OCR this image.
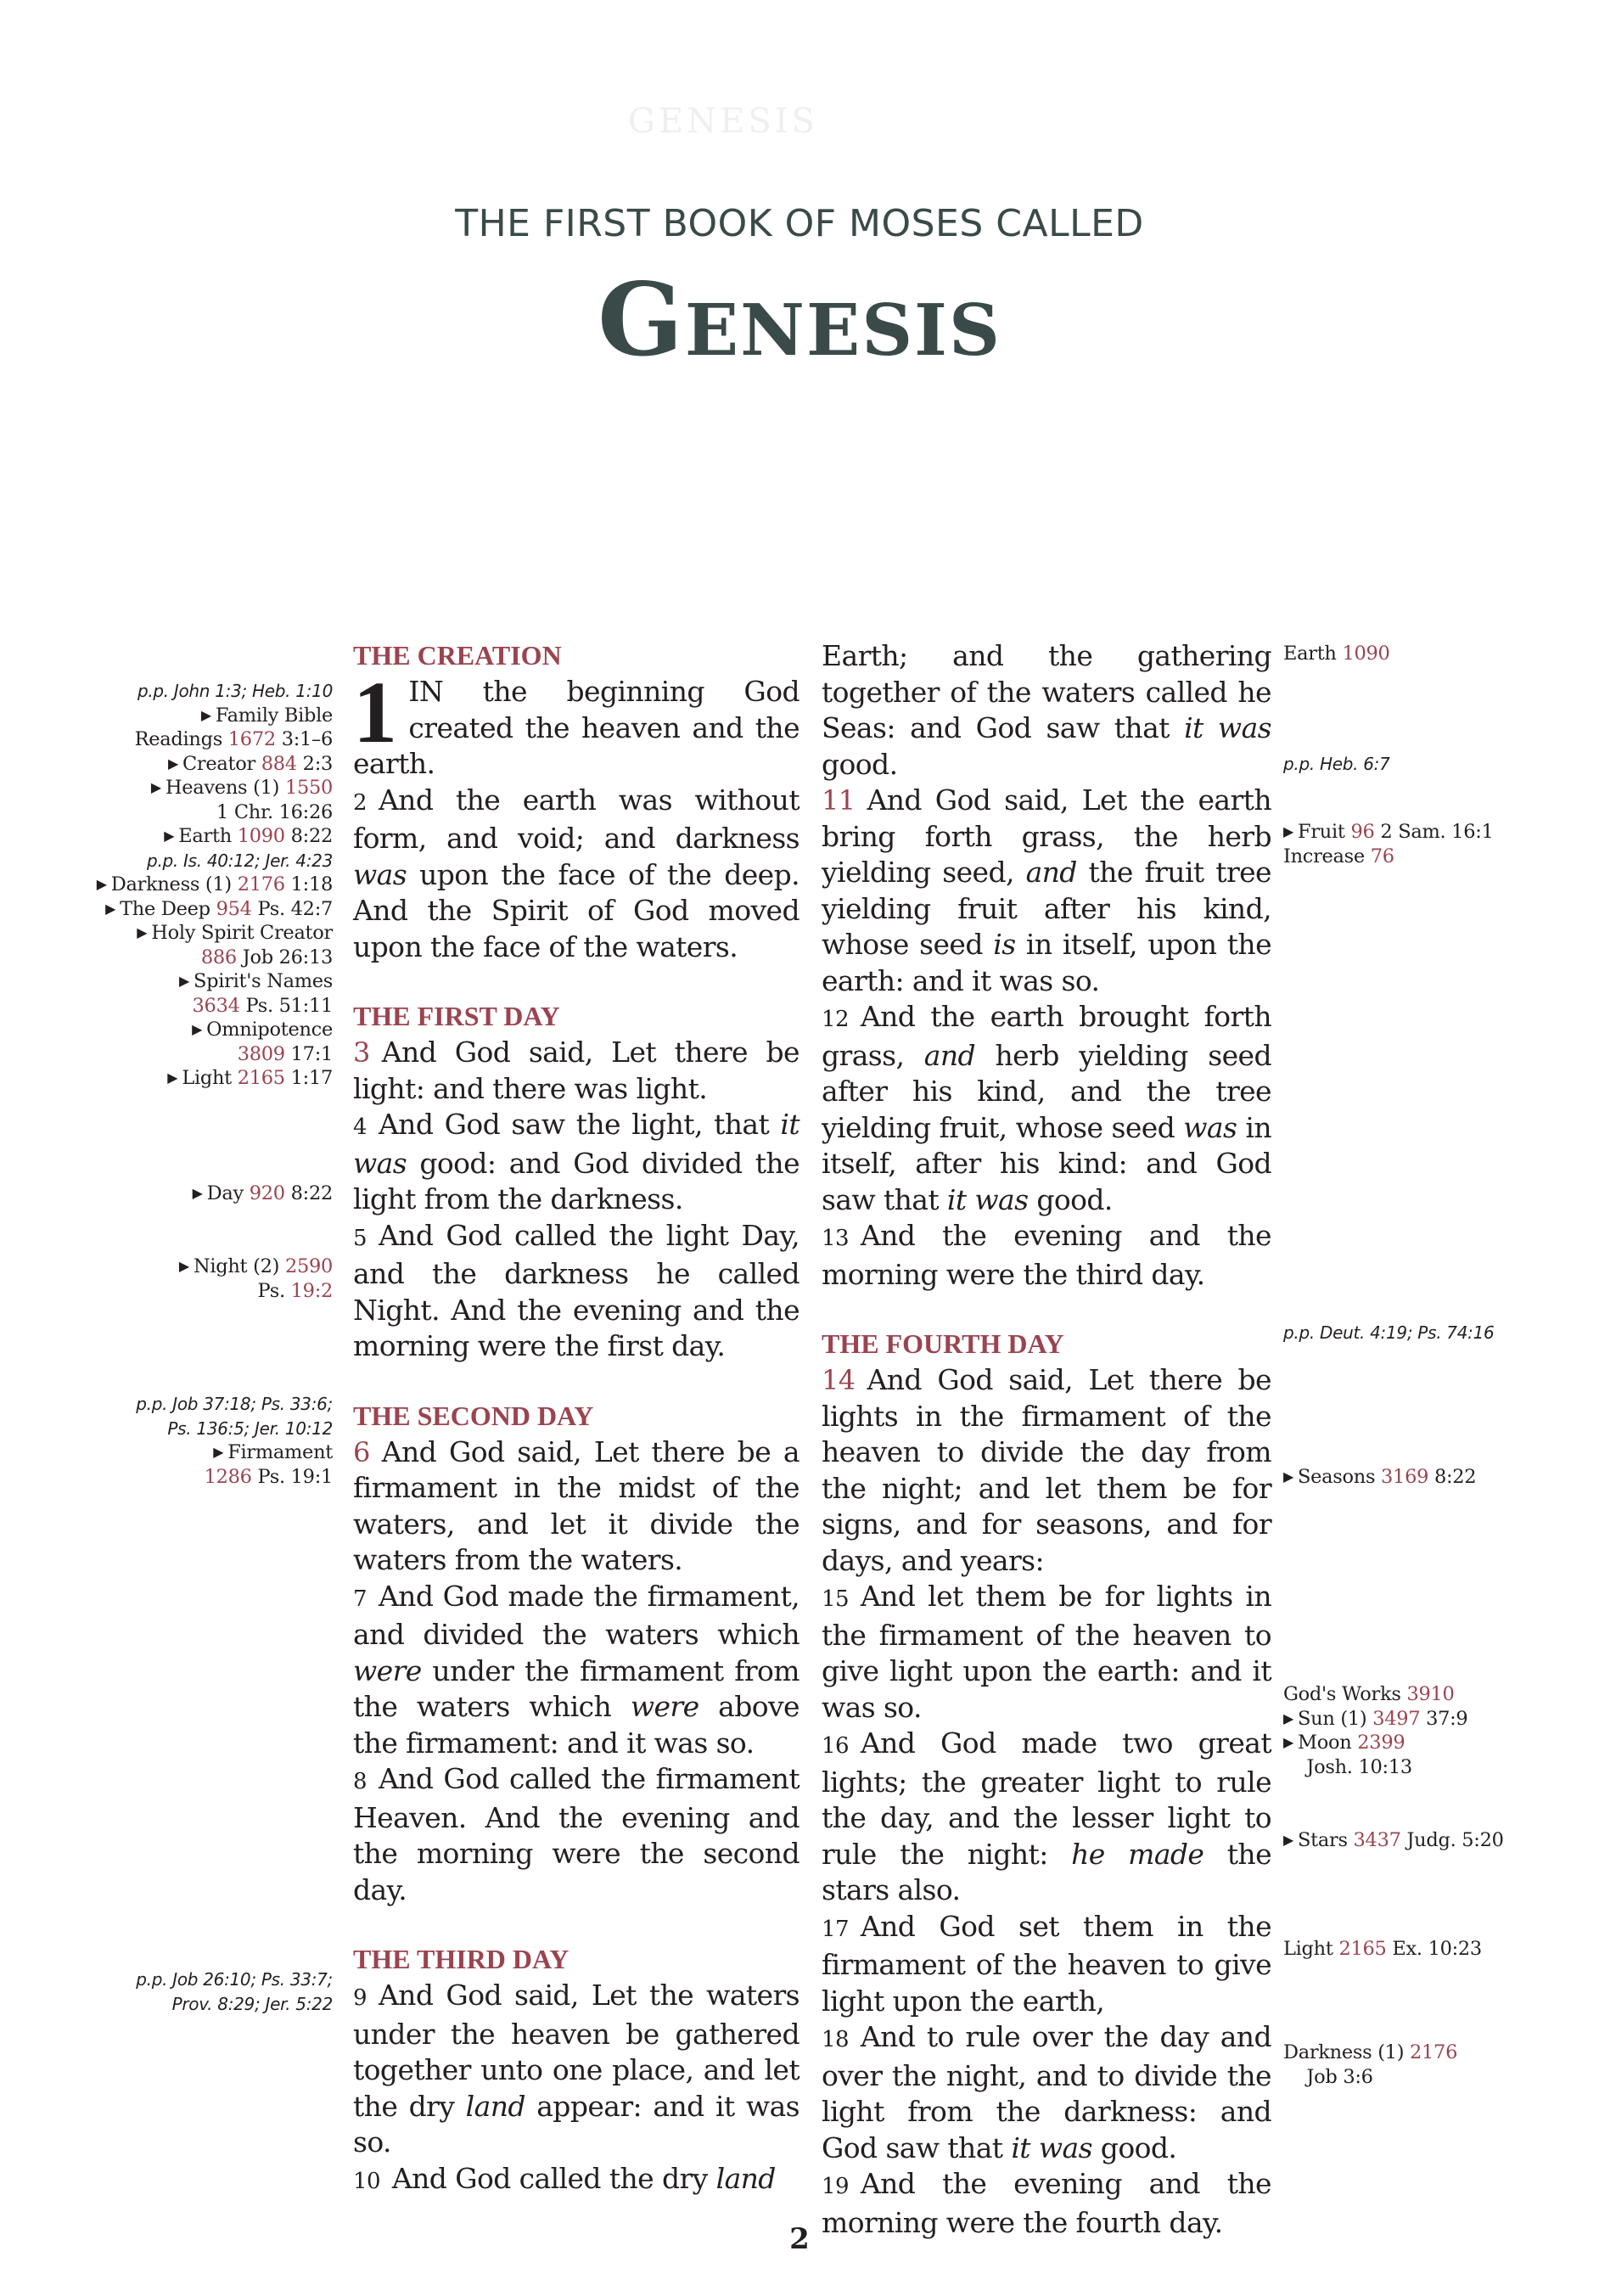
GENESIS
THE FIRST BOOK OF MOSES CALLED
Genesis
THE CREATION
1 IN the beginning God created the heaven and the earth.
2 And the earth was without form, and void; and darkness was upon the face of the deep. And the Spirit of God moved upon the face of the waters.
THE FIRST DAY
3 And God said, Let there be light: and there was light.
4 And God saw the light, that it was good: and God divided the light from the darkness.
5 And God called the light Day, and the darkness he called Night. And the evening and the morning were the first day.
THE SECOND DAY
6 And God said, Let there be a firmament in the midst of the waters, and let it divide the waters from the waters.
7 And God made the firmament, and divided the waters which were under the firmament from the waters which were above the firmament: and it was so.
8 And God called the firmament Heaven. And the evening and the morning were the second day.
THE THIRD DAY
9 And God said, Let the waters under the heaven be gathered together unto one place, and let the dry land appear: and it was so.
10 And God called the dry land
Earth; and the gathering together of the waters called he Seas: and God saw that it was good.
11 And God said, Let the earth bring forth grass, the herb yielding seed, and the fruit tree yielding fruit after his kind, whose seed is in itself, upon the earth: and it was so.
12 And the earth brought forth grass, and herb yielding seed after his kind, and the tree yielding fruit, whose seed was in itself, after his kind: and God saw that it was good.
13 And the evening and the morning were the third day.
THE FOURTH DAY
14 And God said, Let there be lights in the firmament of the heaven to divide the day from the night; and let them be for signs, and for seasons, and for days, and years:
15 And let them be for lights in the firmament of the heaven to give light upon the earth: and it was so.
16 And God made two great lights; the greater light to rule the day, and the lesser light to rule the night: he made the stars also.
17 And God set them in the firmament of the heaven to give light upon the earth,
18 And to rule over the day and over the night, and to divide the light from the darkness: and God saw that it was good.
19 And the evening and the morning were the fourth day.
p.p. John 1:3; Heb. 1:10
▶ Family Bible
Readings 1672 3:1–6
▶ Creator 884 2:3
▶ Heavens (1) 1550
1 Chr. 16:26
▶ Earth 1090 8:22
p.p. Is. 40:12; Jer. 4:23
▶ Darkness (1) 2176 1:18
▶ The Deep 954 Ps. 42:7
▶ Holy Spirit Creator
886 Job 26:13
▶ Spirit's Names
3634 Ps. 51:11
▶ Omnipotence
3809 17:1
▶ Light 2165 1:17
▶ Day 920 8:22
▶ Night (2) 2590
Ps. 19:2
p.p. Job 37:18; Ps. 33:6;
Ps. 136:5; Jer. 10:12
▶ Firmament
1286 Ps. 19:1
p.p. Job 26:10; Ps. 33:7;
Prov. 8:29; Jer. 5:22
Earth 1090
p.p. Heb. 6:7
▶ Fruit 96 2 Sam. 16:1
Increase 76
p.p. Deut. 4:19; Ps. 74:16
▶ Seasons 3169 8:22
God's Works 3910
▶ Sun (1) 3497 37:9
▶ Moon 2399
Josh. 10:13
▶ Stars 3437 Judg. 5:20
Light 2165 Ex. 10:23
Darkness (1) 2176
Job 3:6
2
